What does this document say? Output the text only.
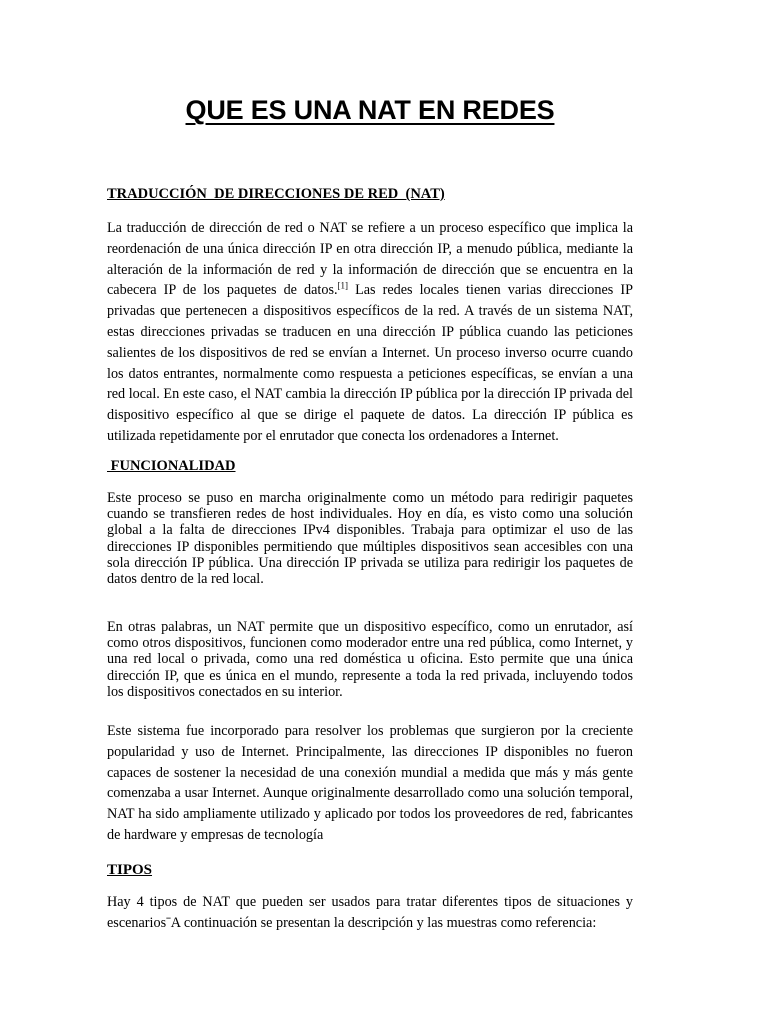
QUE ES UNA NAT EN REDES
TRADUCCIÓN  DE DIRECCIONES DE RED  (NAT)

La traducción de dirección de red o NAT se refiere a un proceso específico que implica la reordenación de una única dirección IP en otra dirección IP, a menudo pública, mediante la alteración de la información de red y la información de dirección que se encuentra en la cabecera IP de los paquetes de datos.[1] Las redes locales tienen varias direcciones IP privadas que pertenecen a dispositivos específicos de la red. A través de un sistema NAT, estas direcciones privadas se traducen en una dirección IP pública cuando las peticiones salientes de los dispositivos de red se envían a Internet. Un proceso inverso ocurre cuando los datos entrantes, normalmente como respuesta a peticiones específicas, se envían a una red local. En este caso, el NAT cambia la dirección IP pública por la dirección IP privada del dispositivo específico al que se dirige el paquete de datos. La dirección IP pública es utilizada repetidamente por el enrutador que conecta los ordenadores a Internet.

FUNCIONALIDAD

Este proceso se puso en marcha originalmente como un método para redirigir paquetes cuando se transfieren redes de host individuales. Hoy en día, es visto como una solución global a la falta de direcciones IPv4 disponibles. Trabaja para optimizar el uso de las direcciones IP disponibles permitiendo que múltiples dispositivos sean accesibles con una sola dirección IP pública. Una dirección IP privada se utiliza para redirigir los paquetes de datos dentro de la red local.

En otras palabras, un NAT permite que un dispositivo específico, como un enrutador, así como otros dispositivos, funcionen como moderador entre una red pública, como Internet, y una red local o privada, como una red doméstica u oficina. Esto permite que una única dirección IP, que es única en el mundo, represente a toda la red privada, incluyendo todos los dispositivos conectados en su interior.

Este sistema fue incorporado para resolver los problemas que surgieron por la creciente popularidad y uso de Internet. Principalmente, las direcciones IP disponibles no fueron capaces de sostener la necesidad de una conexión mundial a medida que más y más gente comenzaba a usar Internet. Aunque originalmente desarrollado como una solución temporal, NAT ha sido ampliamente utilizado y aplicado por todos los proveedores de red, fabricantes de hardware y empresas de tecnología

TIPOS

Hay 4 tipos de NAT que pueden ser usados para tratar diferentes tipos de situaciones y escenariosˉA continuación se presentan la descripción y las muestras como referencia:
